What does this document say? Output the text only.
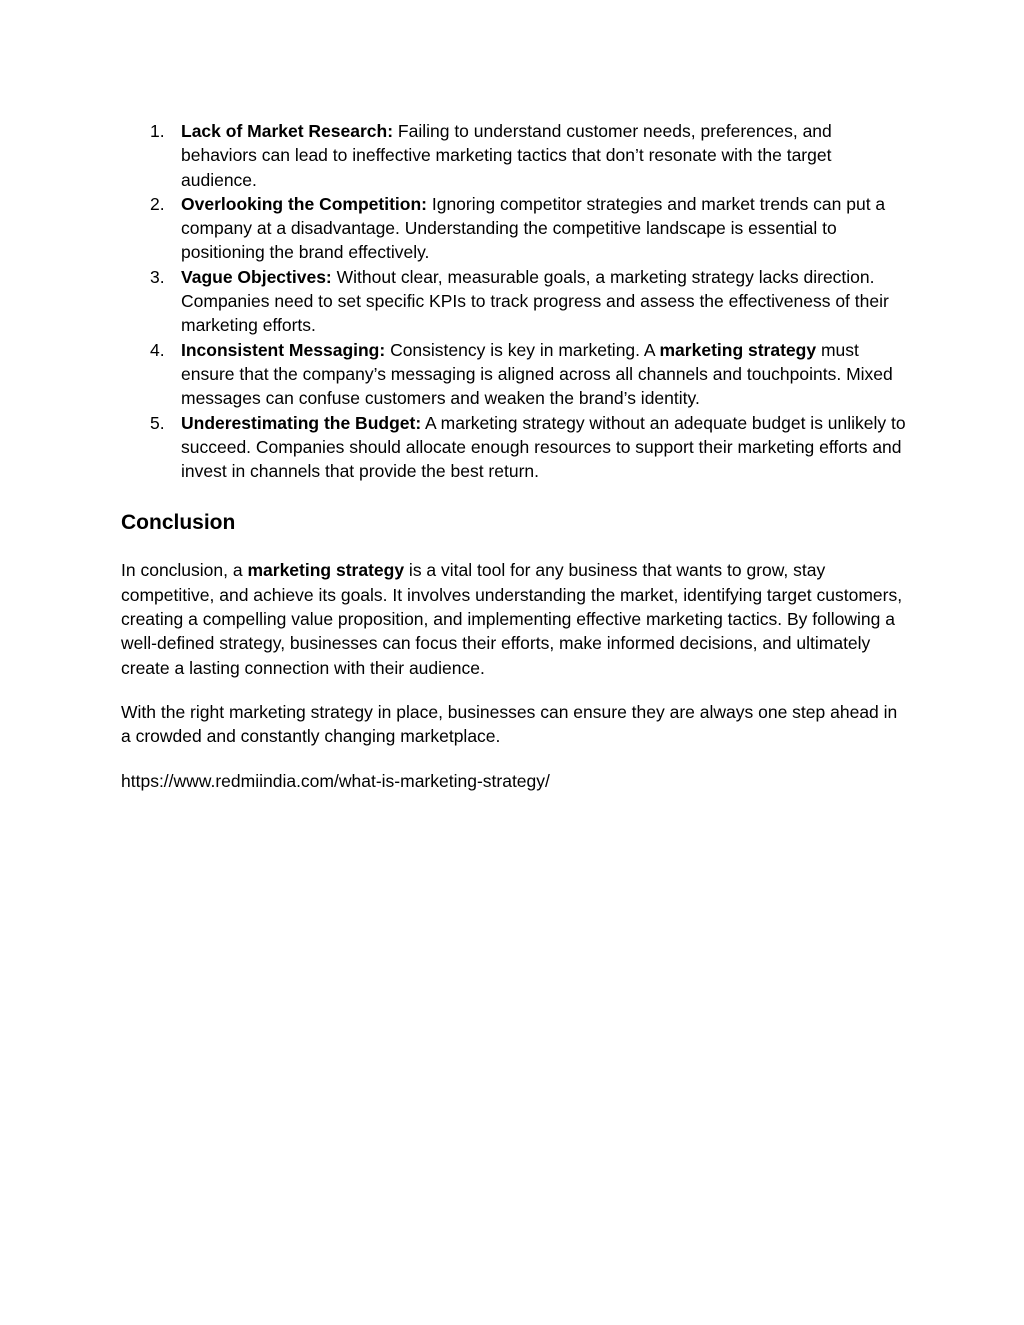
1. Lack of Market Research: Failing to understand customer needs, preferences, and behaviors can lead to ineffective marketing tactics that don’t resonate with the target audience.
2. Overlooking the Competition: Ignoring competitor strategies and market trends can put a company at a disadvantage. Understanding the competitive landscape is essential to positioning the brand effectively.
3. Vague Objectives: Without clear, measurable goals, a marketing strategy lacks direction. Companies need to set specific KPIs to track progress and assess the effectiveness of their marketing efforts.
4. Inconsistent Messaging: Consistency is key in marketing. A marketing strategy must ensure that the company’s messaging is aligned across all channels and touchpoints. Mixed messages can confuse customers and weaken the brand’s identity.
5. Underestimating the Budget: A marketing strategy without an adequate budget is unlikely to succeed. Companies should allocate enough resources to support their marketing efforts and invest in channels that provide the best return.
Conclusion

In conclusion, a marketing strategy is a vital tool for any business that wants to grow, stay competitive, and achieve its goals. It involves understanding the market, identifying target customers, creating a compelling value proposition, and implementing effective marketing tactics. By following a well-defined strategy, businesses can focus their efforts, make informed decisions, and ultimately create a lasting connection with their audience.

With the right marketing strategy in place, businesses can ensure they are always one step ahead in a crowded and constantly changing marketplace.

https://www.redmiindia.com/what-is-marketing-strategy/
